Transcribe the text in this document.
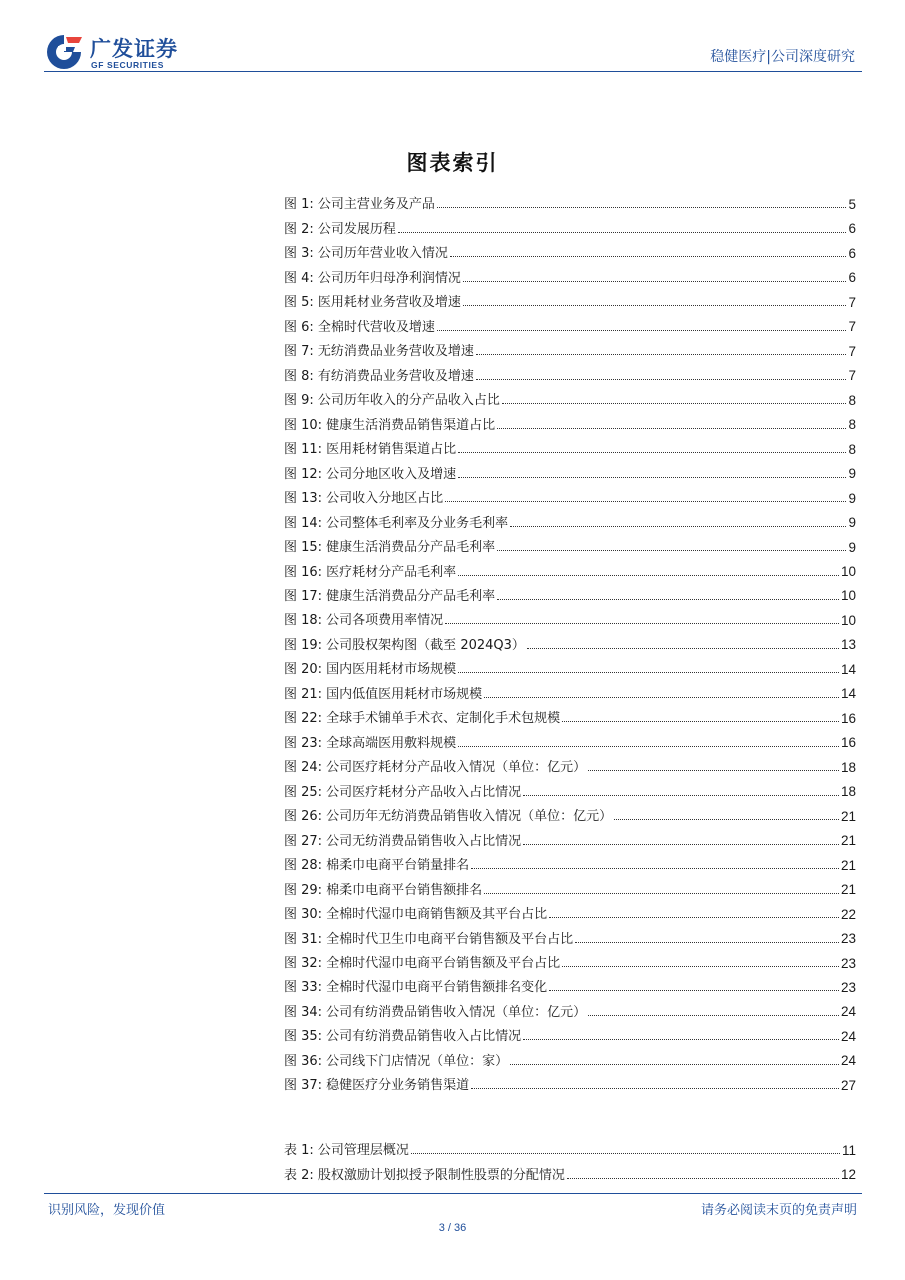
广发证券
GF SECURITIES	稳健医疗|公司深度研究
图表索引
图 1: 公司主营业务及产品	5
图 2: 公司发展历程	6
图 3: 公司历年营业收入情况	6
图 4: 公司历年归母净利润情况	6
图 5: 医用耗材业务营收及增速	7
图 6: 全棉时代营收及增速	7
图 7: 无纺消费品业务营收及增速	7
图 8: 有纺消费品业务营收及增速	7
图 9: 公司历年收入的分产品收入占比	8
图 10: 健康生活消费品销售渠道占比	8
图 11: 医用耗材销售渠道占比	8
图 12: 公司分地区收入及增速	9
图 13: 公司收入分地区占比	9
图 14: 公司整体毛利率及分业务毛利率	9
图 15: 健康生活消费品分产品毛利率	9
图 16: 医疗耗材分产品毛利率	10
图 17: 健康生活消费品分产品毛利率	10
图 18: 公司各项费用率情况	10
图 19: 公司股权架构图（截至 2024Q3）	13
图 20: 国内医用耗材市场规模	14
图 21: 国内低值医用耗材市场规模	14
图 22: 全球手术铺单手术衣、定制化手术包规模	16
图 23: 全球高端医用敷料规模	16
图 24: 公司医疗耗材分产品收入情况（单位：亿元）	18
图 25: 公司医疗耗材分产品收入占比情况	18
图 26: 公司历年无纺消费品销售收入情况（单位：亿元）	21
图 27: 公司无纺消费品销售收入占比情况	21
图 28: 棉柔巾电商平台销量排名	21
图 29: 棉柔巾电商平台销售额排名	21
图 30: 全棉时代湿巾电商销售额及其平台占比	22
图 31: 全棉时代卫生巾电商平台销售额及平台占比	23
图 32: 全棉时代湿巾电商平台销售额及平台占比	23
图 33: 全棉时代湿巾电商平台销售额排名变化	23
图 34: 公司有纺消费品销售收入情况（单位：亿元）	24
图 35: 公司有纺消费品销售收入占比情况	24
图 36: 公司线下门店情况（单位：家）	24
图 37: 稳健医疗分业务销售渠道	27
表 1: 公司管理层概况	11
表 2: 股权激励计划拟授予限制性股票的分配情况	12
识别风险，发现价值	请务必阅读末页的免责声明
3 / 36
